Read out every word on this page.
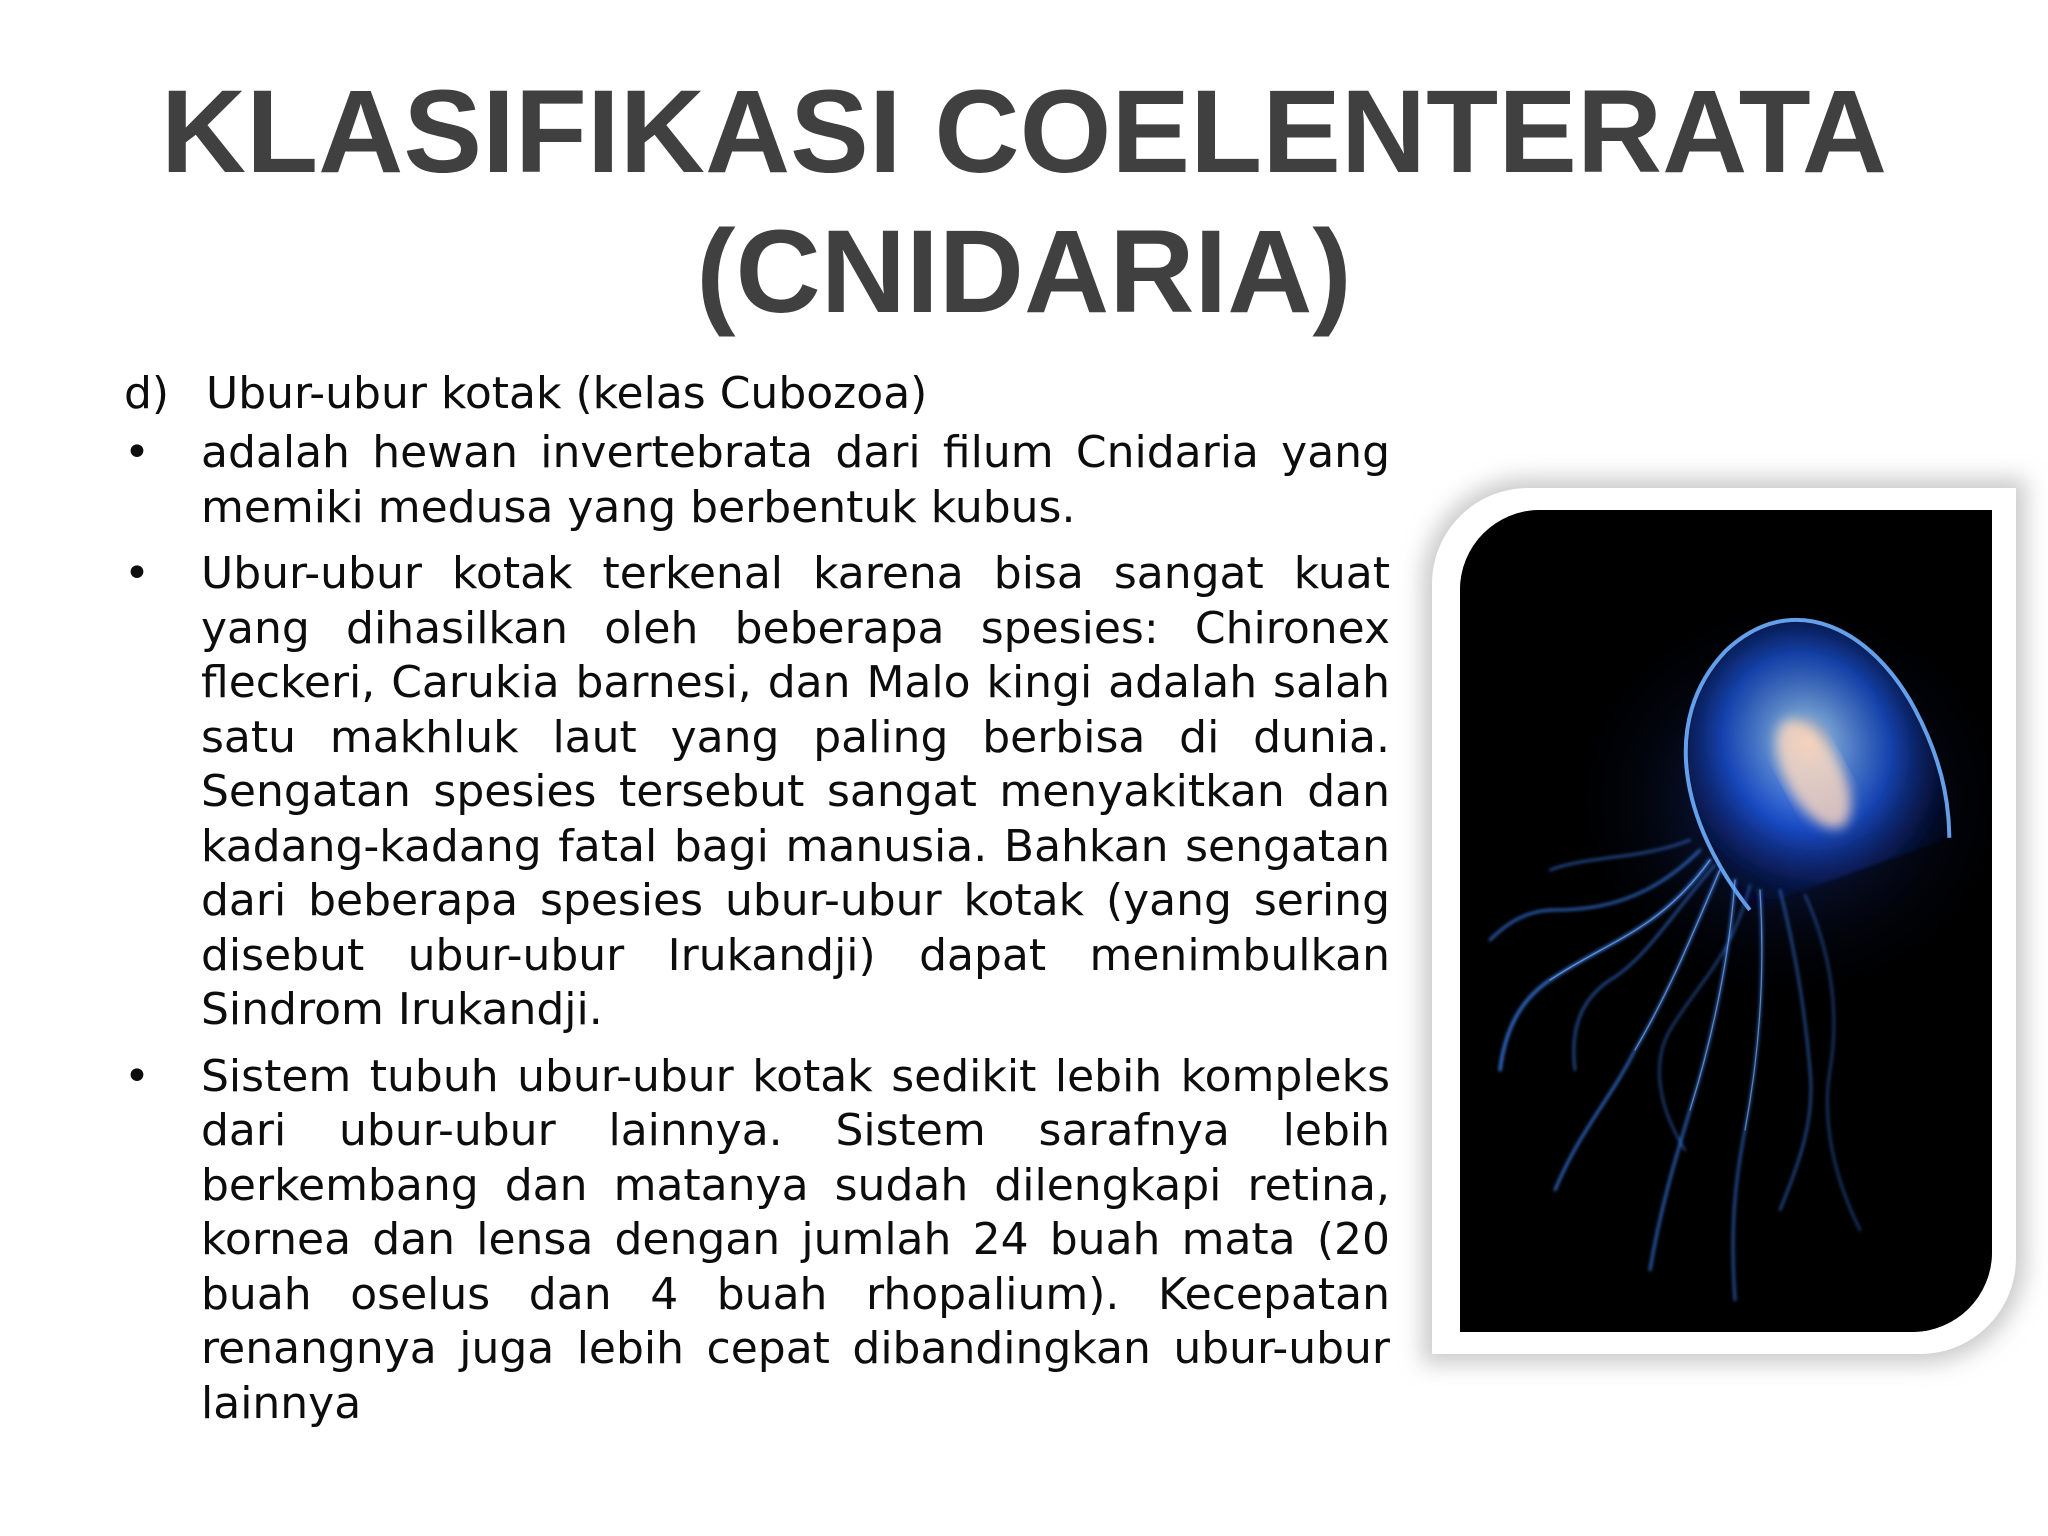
KLASIFIKASI COELENTERATA
(CNIDARIA)
d) Ubur-ubur kotak (kelas Cubozoa)
• adalah hewan invertebrata dari filum Cnidaria yang memiki medusa yang berbentuk kubus.
• Ubur-ubur kotak terkenal karena bisa sangat kuat yang dihasilkan oleh beberapa spesies: Chironex fleckeri, Carukia barnesi, dan Malo kingi adalah salah satu makhluk laut yang paling berbisa di dunia. Sengatan spesies tersebut sangat menyakitkan dan kadang-kadang fatal bagi manusia. Bahkan sengatan dari beberapa spesies ubur-ubur kotak (yang sering disebut ubur-ubur Irukandji) dapat menimbulkan Sindrom Irukandji.
• Sistem tubuh ubur-ubur kotak sedikit lebih kompleks dari ubur-ubur lainnya. Sistem sarafnya lebih berkembang dan matanya sudah dilengkapi retina, kornea dan lensa dengan jumlah 24 buah mata (20 buah oselus dan 4 buah rhopalium). Kecepatan renangnya juga lebih cepat dibandingkan ubur-ubur lainnya
